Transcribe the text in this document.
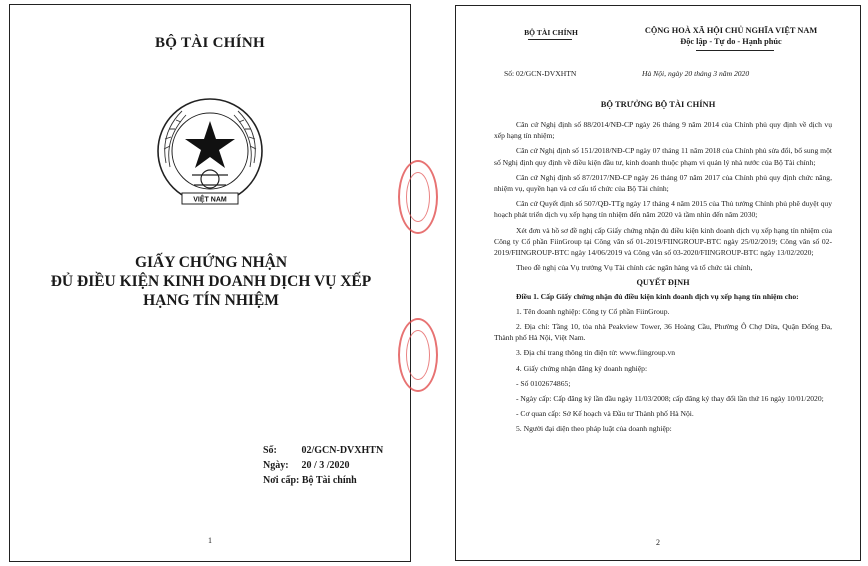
BỘ TÀI CHÍNH
VIỆT NAM
GIẤY CHỨNG NHẬN
ĐỦ ĐIỀU KIỆN KINH DOANH DỊCH VỤ XẾP
HẠNG TÍN NHIỆM
Số: 02/GCN-DVXHTN
Ngày: 20 / 3 /2020
Nơi cấp: Bộ Tài chính
1
BỘ TÀI CHÍNH	CỘNG HOÀ XÃ HỘI CHỦ NGHĨA VIỆT NAM
Độc lập - Tự do - Hạnh phúc
Số: 02/GCN-DVXHTN	Hà Nội, ngày 20 tháng 3 năm 2020
BỘ TRƯỞNG BỘ TÀI CHÍNH

Căn cứ Nghị định số 88/2014/NĐ-CP ngày 26 tháng 9 năm 2014 của Chính phủ quy định về dịch vụ xếp hạng tín nhiệm;

Căn cứ Nghị định số 151/2018/NĐ-CP ngày 07 tháng 11 năm 2018 của Chính phủ sửa đổi, bổ sung một số Nghị định quy định về điều kiện đầu tư, kinh doanh thuộc phạm vi quản lý nhà nước của Bộ Tài chính;

Căn cứ Nghị định số 87/2017/NĐ-CP ngày 26 tháng 07 năm 2017 của Chính phủ quy định chức năng, nhiệm vụ, quyền hạn và cơ cấu tổ chức của Bộ Tài chính;

Căn cứ Quyết định số 507/QĐ-TTg ngày 17 tháng 4 năm 2015 của Thủ tướng Chính phủ phê duyệt quy hoạch phát triển dịch vụ xếp hạng tín nhiệm đến năm 2020 và tầm nhìn đến năm 2030;

Xét đơn và hồ sơ đề nghị cấp Giấy chứng nhận đủ điều kiện kinh doanh dịch vụ xếp hạng tín nhiệm của Công ty Cổ phần FiinGroup tại Công văn số 01-2019/FIINGROUP-BTC ngày 25/02/2019; Công văn số 02-2019/FIINGROUP-BTC ngày 14/06/2019 và Công văn số 03-2020/FIINGROUP-BTC ngày 13/02/2020;

Theo đề nghị của Vụ trưởng Vụ Tài chính các ngân hàng và tổ chức tài chính,

QUYẾT ĐỊNH

Điều 1. Cấp Giấy chứng nhận đủ điều kiện kinh doanh dịch vụ xếp hạng tín nhiệm cho:

1. Tên doanh nghiệp: Công ty Cổ phần FiinGroup.

2. Địa chỉ: Tầng 10, tòa nhà Peakview Tower, 36 Hoàng Cầu, Phường Ô Chợ Dừa, Quận Đống Đa, Thành phố Hà Nội, Việt Nam.

3. Địa chỉ trang thông tin điện tử: www.fiingroup.vn

4. Giấy chứng nhận đăng ký doanh nghiệp:

- Số 0102674865;

- Ngày cấp: Cấp đăng ký lần đầu ngày 11/03/2008; cấp đăng ký thay đổi lần thứ 16 ngày 10/01/2020;

- Cơ quan cấp: Sở Kế hoạch và Đầu tư Thành phố Hà Nội.

5. Người đại diện theo pháp luật của doanh nghiệp:

2
